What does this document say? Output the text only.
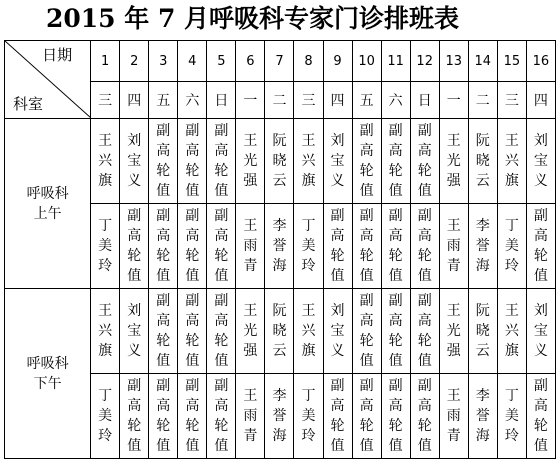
2015 年 7 月呼吸科专家门诊排班表
日期
科室	1	2	3	4	5	6	7	8	9	10	11	12	13	14	15	16
	三	四	五	六	日	一	二	三	四	五	六	日	一	二	三	四

呼吸科
上午	王兴旗	刘宝义	副高轮值	副高轮值	副高轮值	王光强	阮晓云	王兴旗	刘宝义	副高轮值	副高轮值	副高轮值	王光强	阮晓云	王兴旗	刘宝义

	丁美玲	副高轮值	副高轮值	副高轮值	副高轮值	王雨青	李誉海	丁美玲	副高轮值	副高轮值	副高轮值	副高轮值	王雨青	李誉海	丁美玲	副高轮值

呼吸科
下午	王兴旗	刘宝义	副高轮值	副高轮值	副高轮值	王光强	阮晓云	王兴旗	刘宝义	副高轮值	副高轮值	副高轮值	王光强	阮晓云	王兴旗	刘宝义

	丁美玲	副高轮值	副高轮值	副高轮值	副高轮值	王雨青	李誉海	丁美玲	副高轮值	副高轮值	副高轮值	副高轮值	王雨青	李誉海	丁美玲	副高轮值
